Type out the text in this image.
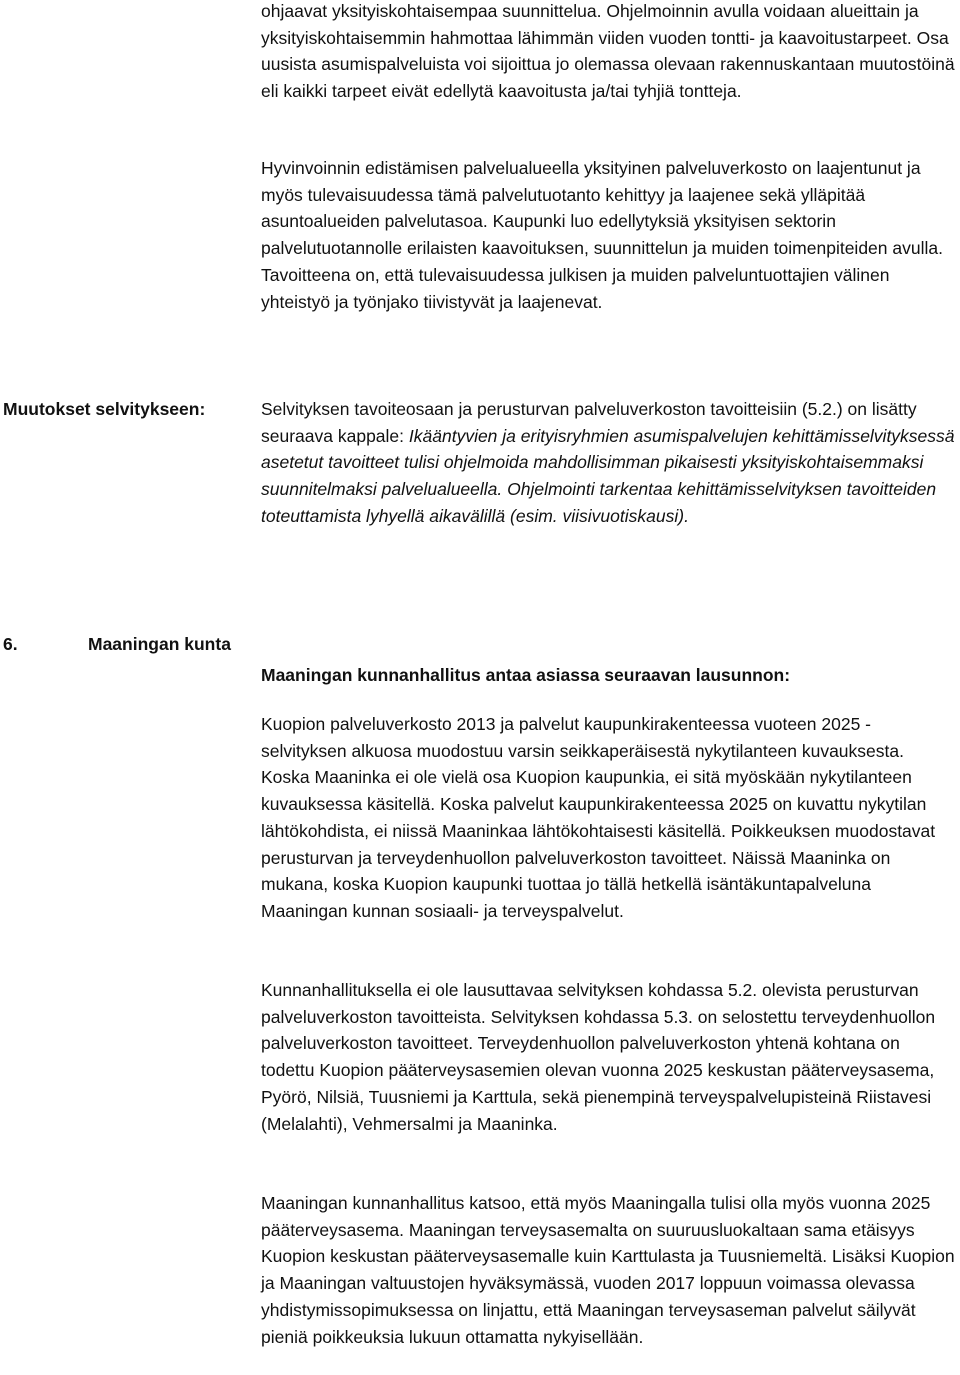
ohjaavat yksityiskohtaisempaa suunnittelua. Ohjelmoinnin avulla voidaan alueittain ja yksityiskohtaisemmin hahmottaa lähimmän viiden vuoden tontti- ja kaavoitustarpeet. Osa uusista asumispalveluista voi sijoittua jo olemassa olevaan rakennuskantaan muutostöinä eli kaikki tarpeet eivät edellytä kaavoitusta ja/tai tyhjiä tontteja.

Hyvinvoinnin edistämisen palvelualueella yksityinen palveluverkosto on laajentunut ja myös tulevaisuudessa tämä palvelutuotanto kehittyy ja laajenee sekä ylläpitää asuntoalueiden palvelutasoa. Kaupunki luo edellytyksiä yksityisen sektorin palvelutuotannolle erilaisten kaavoituksen, suunnittelun ja muiden toimenpiteiden avulla. Tavoitteena on, että tulevaisuudessa julkisen ja muiden palveluntuottajien välinen yhteistyö ja työnjako tiivistyvät ja laajenevat.

Muutokset selvitykseen:	Selvityksen tavoiteosaan ja perusturvan palveluverkoston tavoitteisiin (5.2.) on lisätty seuraava kappale: Ikääntyvien ja erityisryhmien asumispalvelujen kehittämisselvityksessä asetetut tavoitteet tulisi ohjelmoida mahdollisimman pikaisesti yksityiskohtaisemmaksi suunnitelmaksi palvelualueella. Ohjelmointi tarkentaa kehittämisselvityksen tavoitteiden toteuttamista lyhyellä aikavälillä (esim. viisivuotiskausi).

6.	Maaningan kunta

Maaningan kunnanhallitus antaa asiassa seuraavan lausunnon:

Kuopion palveluverkosto 2013 ja palvelut kaupunkirakenteessa vuoteen 2025 -selvityksen alkuosa muodostuu varsin seikkaperäisestä nykytilanteen kuvauksesta. Koska Maaninka ei ole vielä osa Kuopion kaupunkia, ei sitä myöskään nykytilanteen kuvauksessa käsitellä. Koska palvelut kaupunkirakenteessa 2025 on kuvattu nykytilan lähtökohdista, ei niissä Maaninkaa lähtökohtaisesti käsitellä. Poikkeuksen muodostavat perusturvan ja terveydenhuollon palveluverkoston tavoitteet. Näissä Maaninka on mukana, koska Kuopion kaupunki tuottaa jo tällä hetkellä isäntäkuntapalveluna Maaningan kunnan sosiaali- ja terveyspalvelut.

Kunnanhallituksella ei ole lausuttavaa selvityksen kohdassa 5.2. olevista perusturvan palveluverkoston tavoitteista. Selvityksen kohdassa 5.3. on selostettu terveydenhuollon palveluverkoston tavoitteet. Terveydenhuollon palveluverkoston yhtenä kohtana on todettu Kuopion pääterveysasemien olevan vuonna 2025 keskustan pääterveysasema, Pyörö, Nilsiä, Tuusniemi ja Karttula, sekä pienempinä terveyspalvelupisteinä Riistavesi (Melalahti), Vehmersalmi ja Maaninka.

Maaningan kunnanhallitus katsoo, että myös Maaningalla tulisi olla myös vuonna 2025 pääterveysasema. Maaningan terveysasemalta on suuruusluokaltaan sama etäisyys Kuopion keskustan pääterveysasemalle kuin Karttulasta ja Tuusniemeltä. Lisäksi Kuopion ja Maaningan valtuustojen hyväksymässä, vuoden 2017 loppuun voimassa olevassa yhdistymissopimuksessa on linjattu, että Maaningan terveysaseman palvelut säilyvät pieniä poikkeuksia lukuun ottamatta nykyisellään.
